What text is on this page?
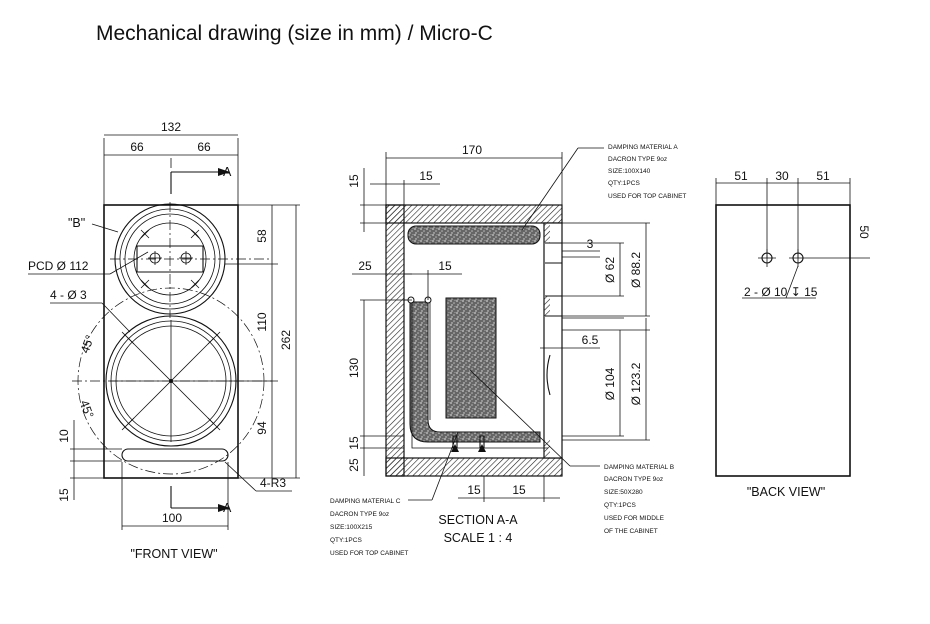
Mechanical drawing (size in mm) / Micro-C
132
66	66
A
A
"B"
45°
45°
PCD Ø 112
4 - Ø 3
58
110
94
262
10
15
100
4-R3
"FRONT VIEW"
170
15
15
25	15
130
15
25
Ø 62 Ø 88.2
3
6.5
Ø 104 Ø 123.2
15	15
SECTION A-A
SCALE 1 : 4
DAMPING MATERIAL A
DACRON TYPE 9oz
SIZE:100X140
QTY:1PCS
USED FOR TOP CABINET
DAMPING MATERIAL B
DACRON TYPE 9oz
SIZE:50X280
QTY:1PCS
USED FOR MIDDLE
OF THE CABINET
DAMPING MATERIAL C
DACRON TYPE 9oz
SIZE:100X215
QTY:1PCS
USED FOR TOP CABINET
51 30 51
50
2 - Ø 10 ↧ 15
"BACK VIEW"
